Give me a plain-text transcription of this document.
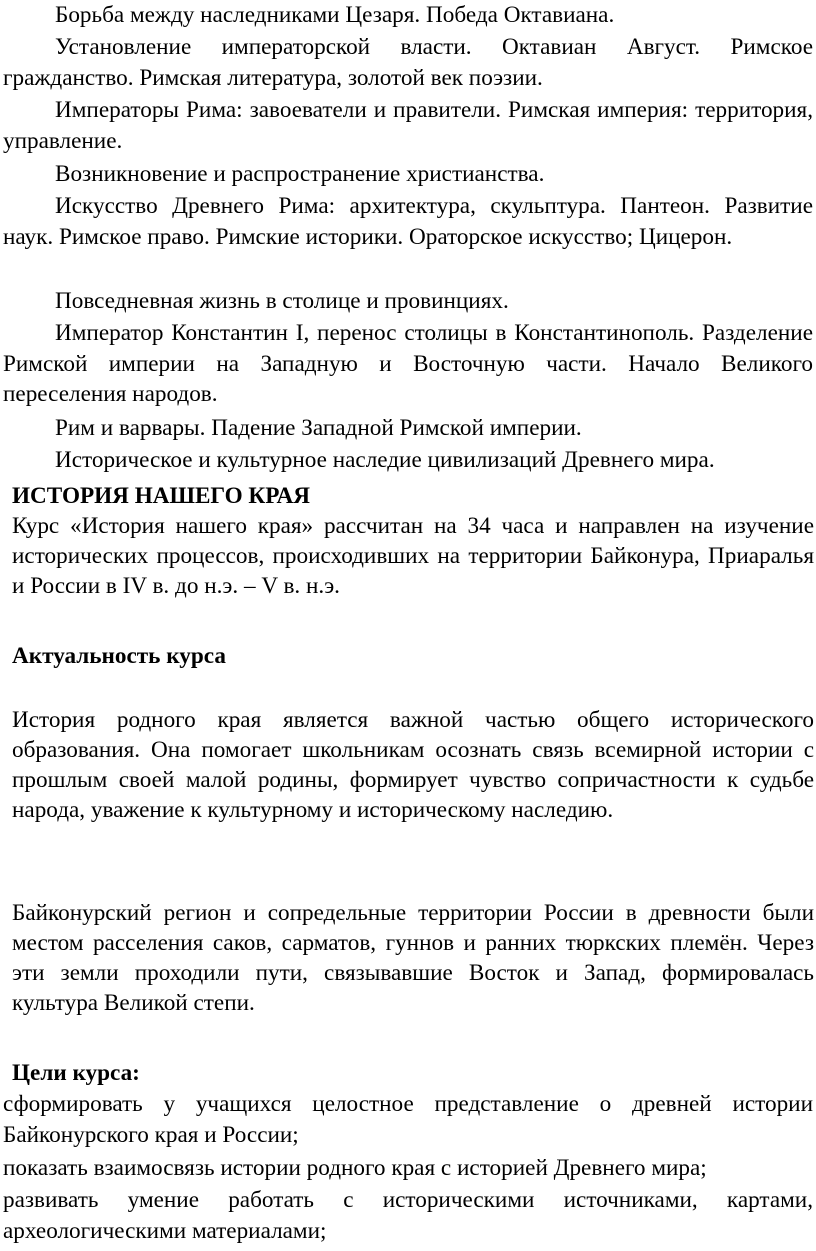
Борьба между наследниками Цезаря. Победа Октавиана.

Установление императорской власти. Октавиан Август. Римское гражданство. Римская литература, золотой век поэзии.

Императоры Рима: завоеватели и правители. Римская империя: территория, управление.

Возникновение и распространение христианства.

Искусство Древнего Рима: архитектура, скульптура. Пантеон. Развитие наук. Римское право. Римские историки. Ораторское искусство; Цицерон.

Повседневная жизнь в столице и провинциях.

Император Константин I, перенос столицы в Константинополь. Разделение Римской империи на Западную и Восточную части. Начало Великого переселения народов.

Рим и варвары. Падение Западной Римской империи.

Историческое и культурное наследие цивилизаций Древнего мира.

ИСТОРИЯ НАШЕГО КРАЯ

Курс «История нашего края» рассчитан на 34 часа и направлен на изучение исторических процессов, происходивших на территории Байконура, Приаралья и России в IV в. до н.э. – V в. н.э.

Актуальность курса

История родного края является важной частью общего исторического образования. Она помогает школьникам осознать связь всемирной истории с прошлым своей малой родины, формирует чувство сопричастности к судьбе народа, уважение к культурному и историческому наследию.

Байконурский регион и сопредельные территории России в древности были местом расселения саков, сарматов, гуннов и ранних тюркских племён. Через эти земли проходили пути, связывавшие Восток и Запад, формировалась культура Великой степи.

Цели курса:

сформировать у учащихся целостное представление о древней истории Байконурского края и России;

показать взаимосвязь истории родного края с историей Древнего мира;

развивать умение работать с историческими источниками, картами, археологическими материалами;
